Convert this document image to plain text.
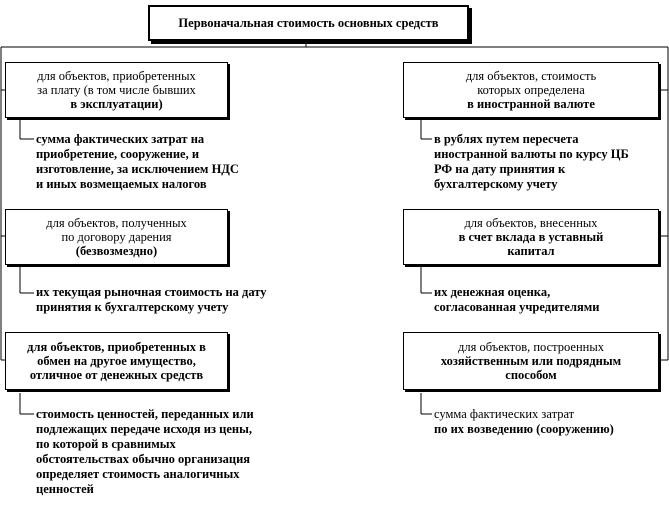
Первоначальная стоимость основных средств
для объектов, приобретенных
за плату (в том числе бывших
в эксплуатации)
сумма фактических затрат на
приобретение, сооружение, и
изготовление, за исключением НДС
и иных возмещаемых налогов
для объектов, полученных
по договору дарения
(безвозмездно)
их текущая рыночная стоимость на дату
принятия к бухгалтерскому учету
для объектов, приобретенных в
обмен на другое имущество,
отличное от денежных средств
стоимость ценностей, переданных или
подлежащих передаче исходя из цены,
по которой в сравнимых
обстоятельствах обычно организация
определяет стоимость аналогичных
ценностей
для объектов, стоимость
которых определена
в иностранной валюте
в рублях путем пересчета
иностранной валюты по курсу ЦБ
РФ на дату принятия к
бухгалтерскому учету
для объектов, внесенных
в счет вклада в уставный
капитал
их денежная оценка,
согласованная учредителями
для объектов, построенных
хозяйственным или подрядным
способом
сумма фактических затрат
по их возведению (сооружению)
